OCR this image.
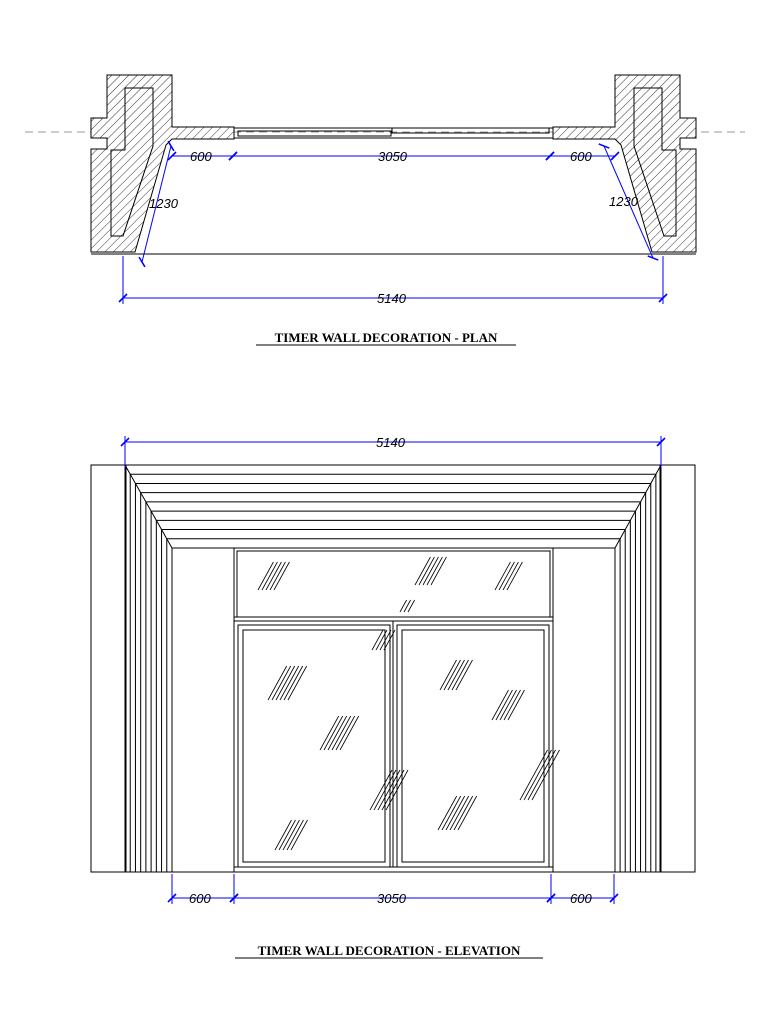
600	3050	600
1230	1230
5140
TIMER WALL DECORATION - PLAN
5140
600	3050	600
TIMER WALL DECORATION - ELEVATION
